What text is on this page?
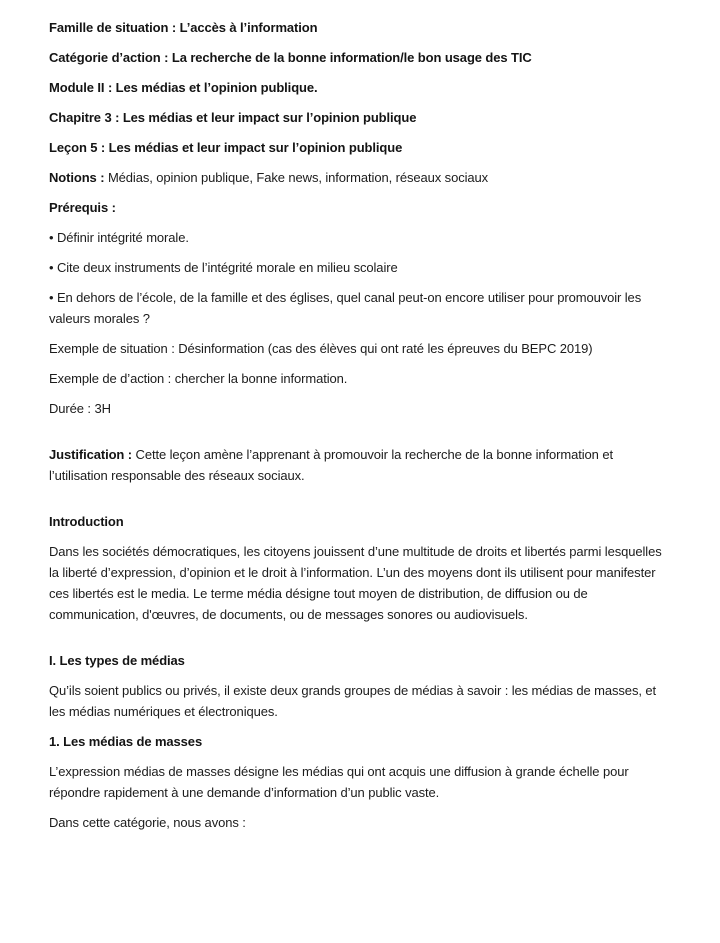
Famille de situation : L’accès à l’information

Catégorie d’action : La recherche de la bonne information/le bon usage des TIC

Module II : Les médias et l’opinion publique.

Chapitre 3 : Les médias et leur impact sur l’opinion publique

Leçon 5 : Les médias et leur impact sur l’opinion publique

Notions : Médias, opinion publique, Fake news, information, réseaux sociaux

Prérequis :

• Définir intégrité morale.

• Cite deux instruments de l’intégrité morale en milieu scolaire

• En dehors de l’école, de la famille et des églises, quel canal peut-on encore utiliser pour promouvoir les valeurs morales ?

Exemple de situation : Désinformation (cas des élèves qui ont raté les épreuves du BEPC 2019)

Exemple de d’action : chercher la bonne information.

Durée : 3H

Justification : Cette leçon amène l’apprenant à promouvoir la recherche de la bonne information et l’utilisation responsable des réseaux sociaux.

Introduction

Dans les sociétés démocratiques, les citoyens jouissent d’une multitude de droits et libertés parmi lesquelles la liberté d’expression, d’opinion et le droit à l’information. L’un des moyens dont ils utilisent pour manifester ces libertés est le media. Le terme média désigne tout moyen de distribution, de diffusion ou de communication, d'œuvres, de documents, ou de messages sonores ou audiovisuels.

I. Les types de médias

Qu’ils soient publics ou privés, il existe deux grands groupes de médias à savoir : les médias de masses, et les médias numériques et électroniques.

1. Les médias de masses

L’expression médias de masses désigne les médias qui ont acquis une diffusion à grande échelle pour répondre rapidement à une demande d’information d’un public vaste.

Dans cette catégorie, nous avons :
